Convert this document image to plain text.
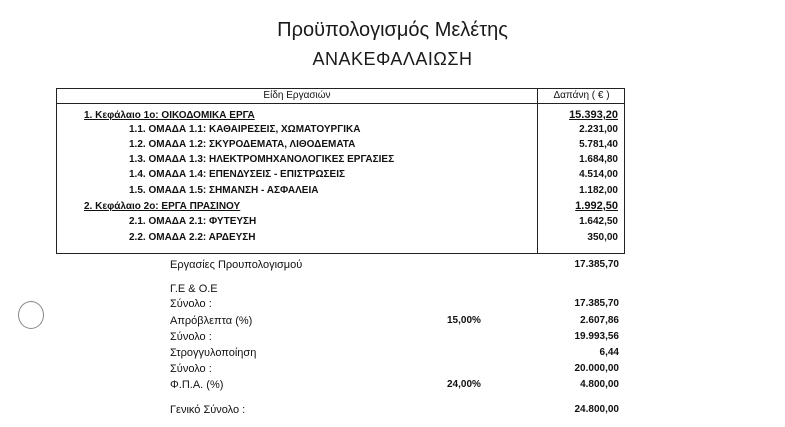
Προϋπολογισμός Μελέτης
ΑΝΑΚΕΦΑΛΑΙΩΣΗ
Είδη Εργασιών	Δαπάνη ( € )
1. Κεφάλαιο 1ο: ΟΙΚΟΔΟΜΙΚΑ ΕΡΓΑ	15.393,20
1.1. ΟΜΑΔΑ 1.1: ΚΑΘΑΙΡΕΣΕΙΣ, ΧΩΜΑΤΟΥΡΓΙΚΑ	2.231,00
1.2. ΟΜΑΔΑ 1.2: ΣΚΥΡΟΔΕΜΑΤΑ, ΛΙΘΟΔΕΜΑΤΑ	5.781,40
1.3. ΟΜΑΔΑ 1.3: ΗΛΕΚΤΡΟΜΗΧΑΝΟΛΟΓΙΚΕΣ ΕΡΓΑΣΙΕΣ	1.684,80
1.4. ΟΜΑΔΑ 1.4: ΕΠΕΝΔΥΣΕΙΣ - ΕΠΙΣΤΡΩΣΕΙΣ	4.514,00
1.5. ΟΜΑΔΑ 1.5: ΣΗΜΑΝΣΗ - ΑΣΦΑΛΕΙΑ	1.182,00
2. Κεφάλαιο 2ο: ΕΡΓΑ ΠΡΑΣΙΝΟΥ	1.992,50
2.1. ΟΜΑΔΑ 2.1: ΦΥΤΕΥΣΗ	1.642,50
2.2. ΟΜΑΔΑ 2.2: ΑΡΔΕΥΣΗ	350,00
Εργασίες Προυπολογισμού	17.385,70
Γ.Ε & Ο.Ε
Σύνολο :	17.385,70
Απρόβλεπτα (%)	15,00%	2.607,86
Σύνολο :	19.993,56
Στρογγυλοποίηση	6,44
Σύνολο :	20.000,00
Φ.Π.Α. (%)	24,00%	4.800,00
Γενικό Σύνολο :	24.800,00
